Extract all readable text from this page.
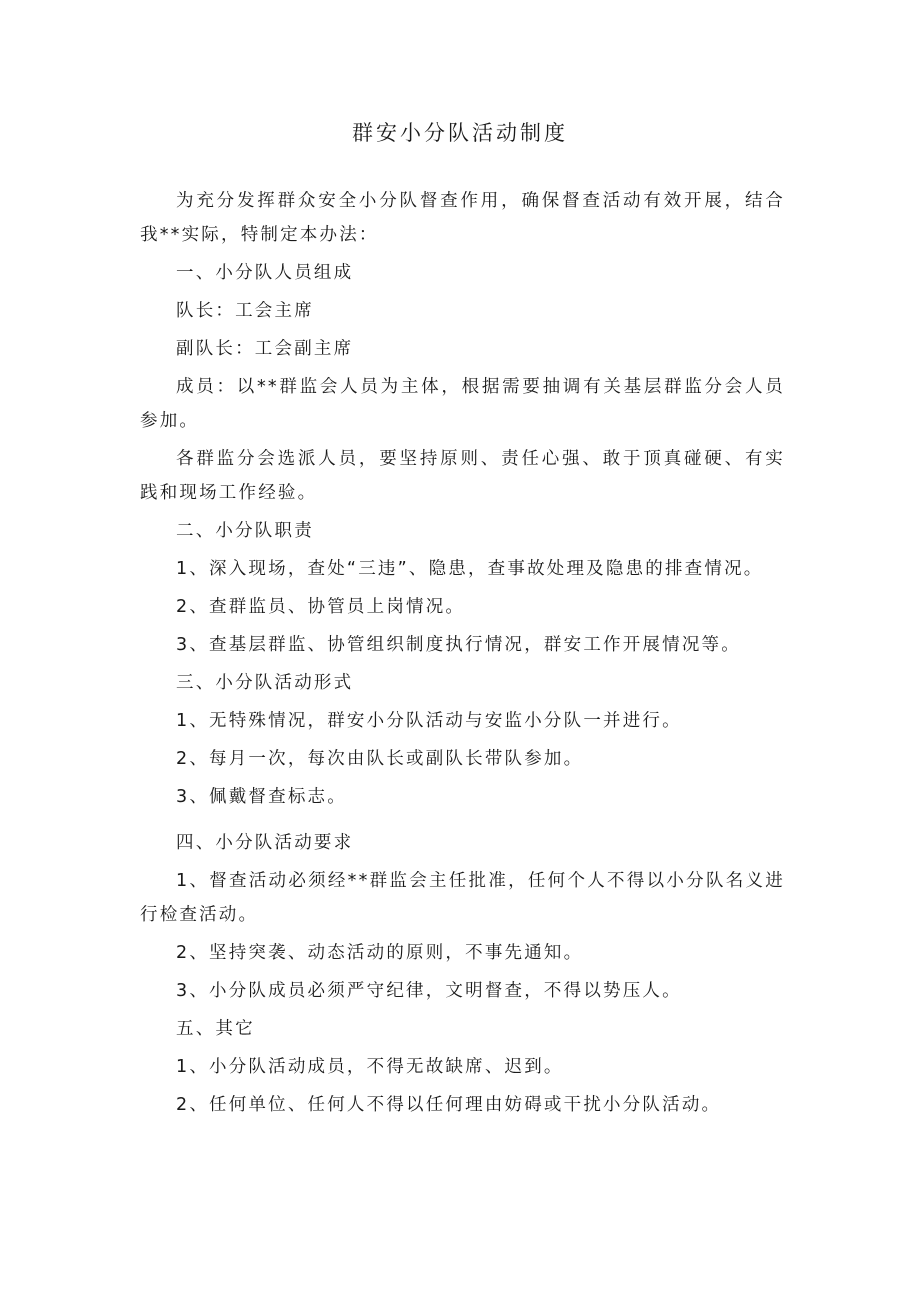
群安小分队活动制度

为充分发挥群众安全小分队督查作用，确保督查活动有效开展，结合我**实际，特制定本办法：

一、小分队人员组成

队长：工会主席

副队长：工会副主席

成员：以**群监会人员为主体，根据需要抽调有关基层群监分会人员参加。

各群监分会选派人员，要坚持原则、责任心强、敢于顶真碰硬、有实践和现场工作经验。

二、小分队职责

1、深入现场，查处“三违”、隐患，查事故处理及隐患的排查情况。

2、查群监员、协管员上岗情况。

3、查基层群监、协管组织制度执行情况，群安工作开展情况等。

三、小分队活动形式

1、无特殊情况，群安小分队活动与安监小分队一并进行。

2、每月一次，每次由队长或副队长带队参加。

3、佩戴督查标志。

四、小分队活动要求

1、督查活动必须经**群监会主任批准，任何个人不得以小分队名义进行检查活动。

2、坚持突袭、动态活动的原则，不事先通知。

3、小分队成员必须严守纪律，文明督查，不得以势压人。

五、其它

1、小分队活动成员，不得无故缺席、迟到。

2、任何单位、任何人不得以任何理由妨碍或干扰小分队活动。
